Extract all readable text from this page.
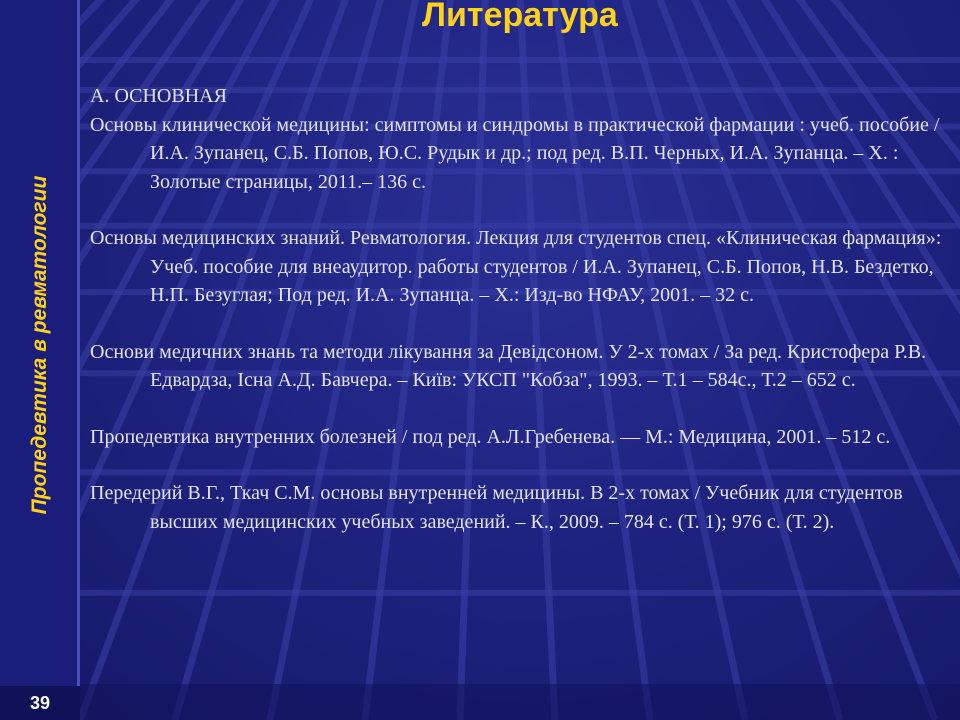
Пропедевтика в ревматологии
39
Литература

А. ОСНОВНАЯ

Основы клинической медицины: симптомы и синдромы в практической фармации : учеб. пособие / И.А. Зупанец, С.Б. Попов, Ю.С. Рудык и др.; под ред. В.П. Черных, И.А. Зупанца. – Х. : Золотые страницы, 2011.– 136 с.

Основы медицинских знаний. Ревматология. Лекция для студентов спец. «Клиническая фармация»: Учеб. пособие для внеаудитор. работы студентов / И.А. Зупанец, С.Б. Попов, Н.В. Бездетко, Н.П. Безуглая; Под ред. И.А. Зупанца. – Х.: Изд-во НФАУ, 2001. – 32 с.

Основи медичних знань та методи лікування за Девідсоном. У 2-х томах / За ред. Кристофера Р.В. Едвардза, Існа А.Д. Бавчера. – Київ: УКСП "Кобза", 1993. – Т.1 – 584с., Т.2 – 652 с.

Пропедевтика внутренних болезней / под ред. А.Л.Гребенева. — М.: Медицина, 2001. – 512 с.

Передерий В.Г., Ткач С.М. основы внутренней медицины. В 2-х томах / Учебник для студентов высших медицинских учебных заведений. – К., 2009. – 784 с. (Т. 1); 976 с. (Т. 2).
